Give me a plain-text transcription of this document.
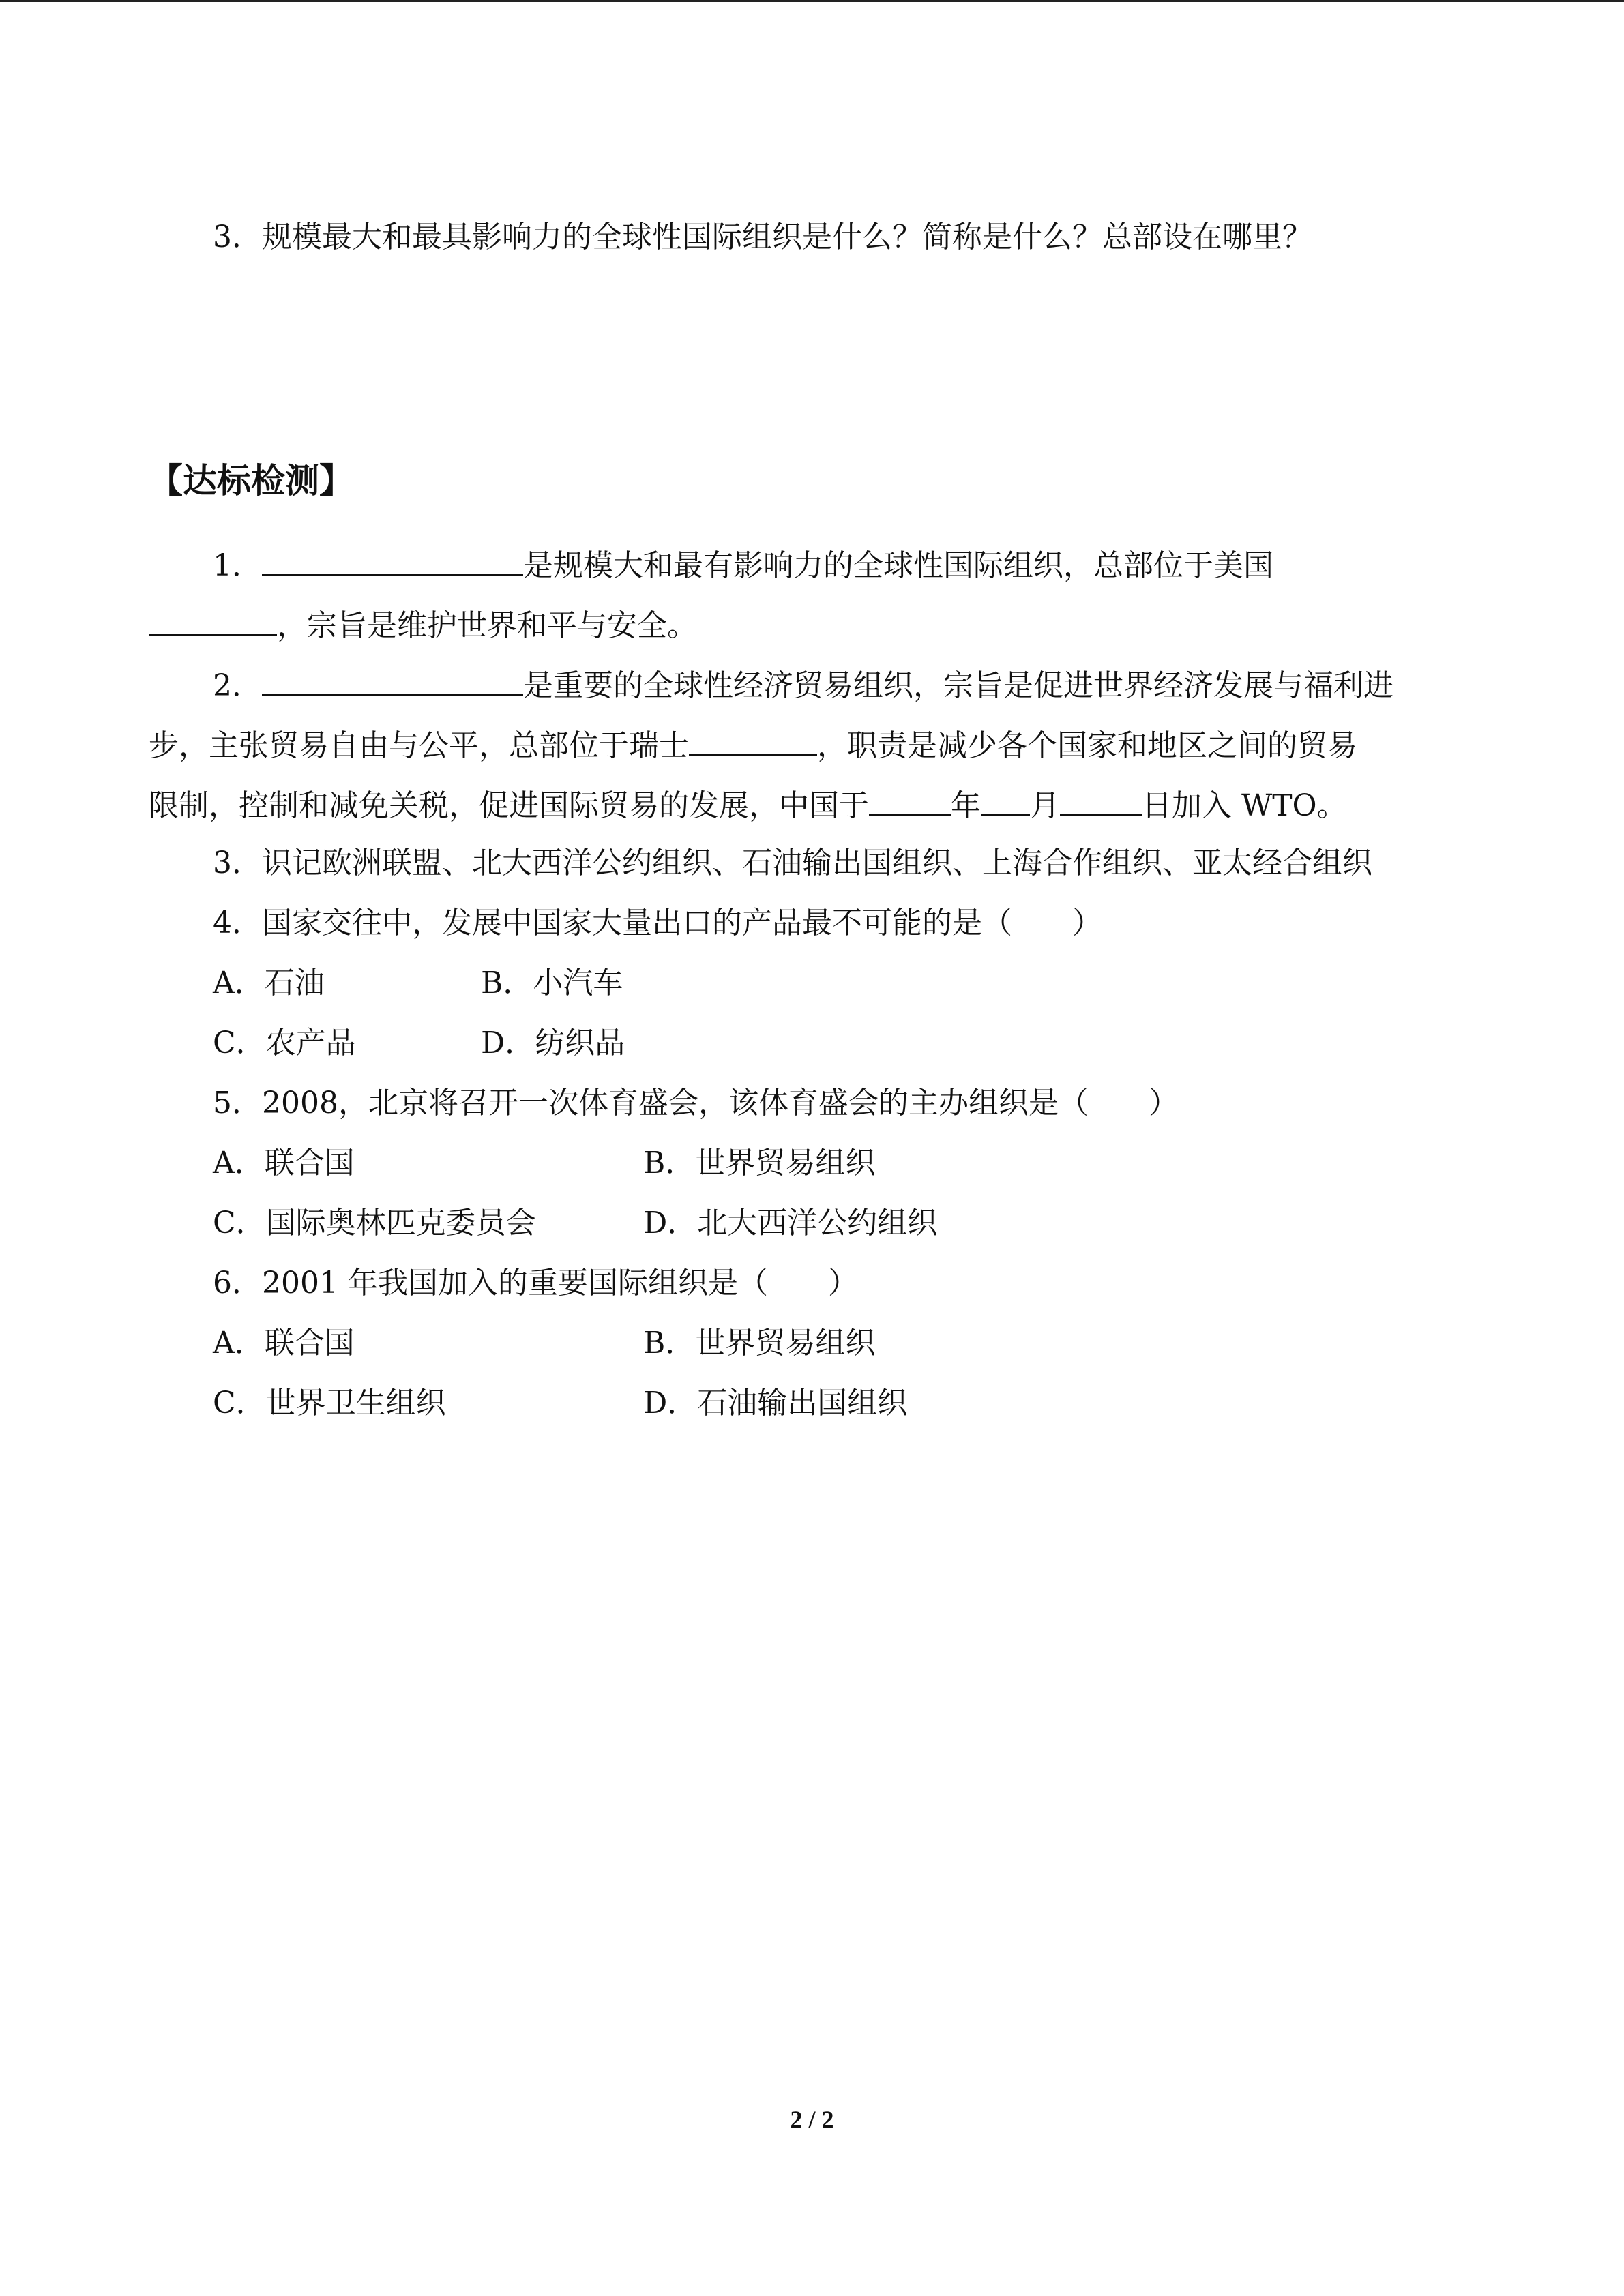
3．规模最大和最具影响力的全球性国际组织是什么？简称是什么？总部设在哪里？
【达标检测】
1．	是规模大和最有影响力的全球性国际组织，总部位于美国
，宗旨是维护世界和平与安全。
2．	是重要的全球性经济贸易组织，宗旨是促进世界经济发展与福利进
步，主张贸易自由与公平，总部位于瑞士	，职责是减少各个国家和地区之间的贸易
限制，控制和减免关税，促进国际贸易的发展，中国于	年 月	日加入 WTO。
3．识记欧洲联盟、北大西洋公约组织、石油输出国组织、上海合作组织、亚太经合组织
4．国家交往中，发展中国家大量出口的产品最不可能的是（　　）
A．石油	B．小汽车
C．农产品	D．纺织品
5．2008，北京将召开一次体育盛会，该体育盛会的主办组织是（　　）
A．联合国	B．世界贸易组织
C．国际奥林匹克委员会	D．北大西洋公约组织
6．2001 年我国加入的重要国际组织是（　　）
A．联合国	B．世界贸易组织
C．世界卫生组织	D．石油输出国组织
2 / 2
